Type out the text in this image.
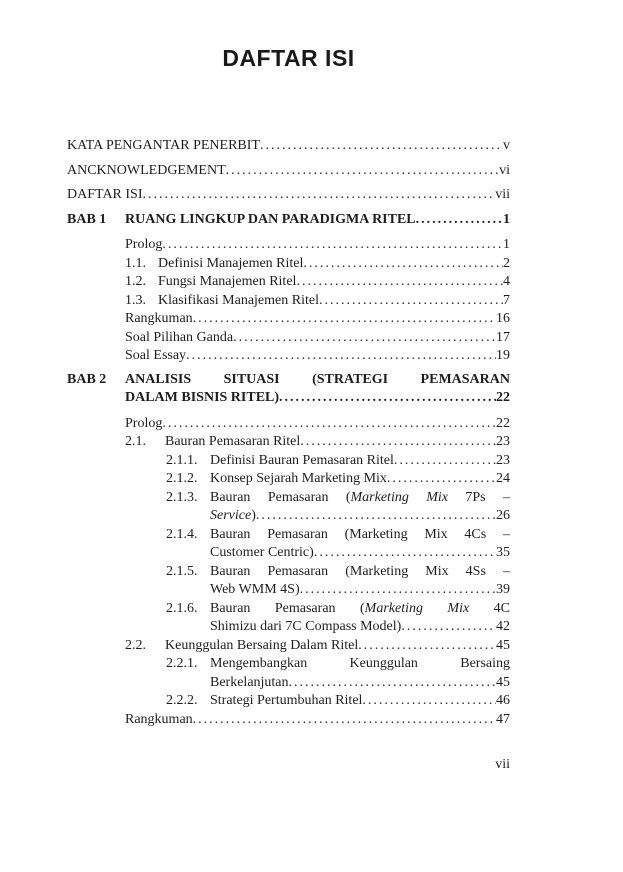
DAFTAR ISI
KATA PENGANTAR PENERBIT .....	v
ANCKNOWLEDGEMENT .....	vi
DAFTAR ISI .....	vii
BAB 1	RUANG LINGKUP DAN PARADIGMA RITEL .....	1
Prolog .....	1
1.1. Definisi Manajemen Ritel .....	2
1.2. Fungsi Manajemen Ritel .....	4
1.3. Klasifikasi Manajemen Ritel .....	7
Rangkuman .....	16
Soal Pilihan Ganda .....	17
Soal Essay .....	19
BAB 2	ANALISIS SITUASI (STRATEGI PEMASARAN
DALAM BISNIS RITEL) .....	22
Prolog .....	22
2.1.	Bauran Pemasaran Ritel .....	23
2.1.1. Definisi Bauran Pemasaran Ritel .....	23
2.1.2. Konsep Sejarah Marketing Mix .....	24
2.1.3. Bauran Pemasaran (Marketing Mix 7Ps –
Service) .....	26
2.1.4. Bauran Pemasaran (Marketing Mix 4Cs –
Customer Centric) .....	35
2.1.5. Bauran Pemasaran (Marketing Mix 4Ss –
Web WMM 4S) .....	39
2.1.6. Bauran Pemasaran (Marketing Mix 4C
Shimizu dari 7C Compass Model) .....	42
2.2.	Keunggulan Bersaing Dalam Ritel .....	45
2.2.1. Mengembangkan Keunggulan Bersaing
Berkelanjutan .....	45
2.2.2. Strategi Pertumbuhan Ritel .....	46
Rangkuman .....	47
vii
